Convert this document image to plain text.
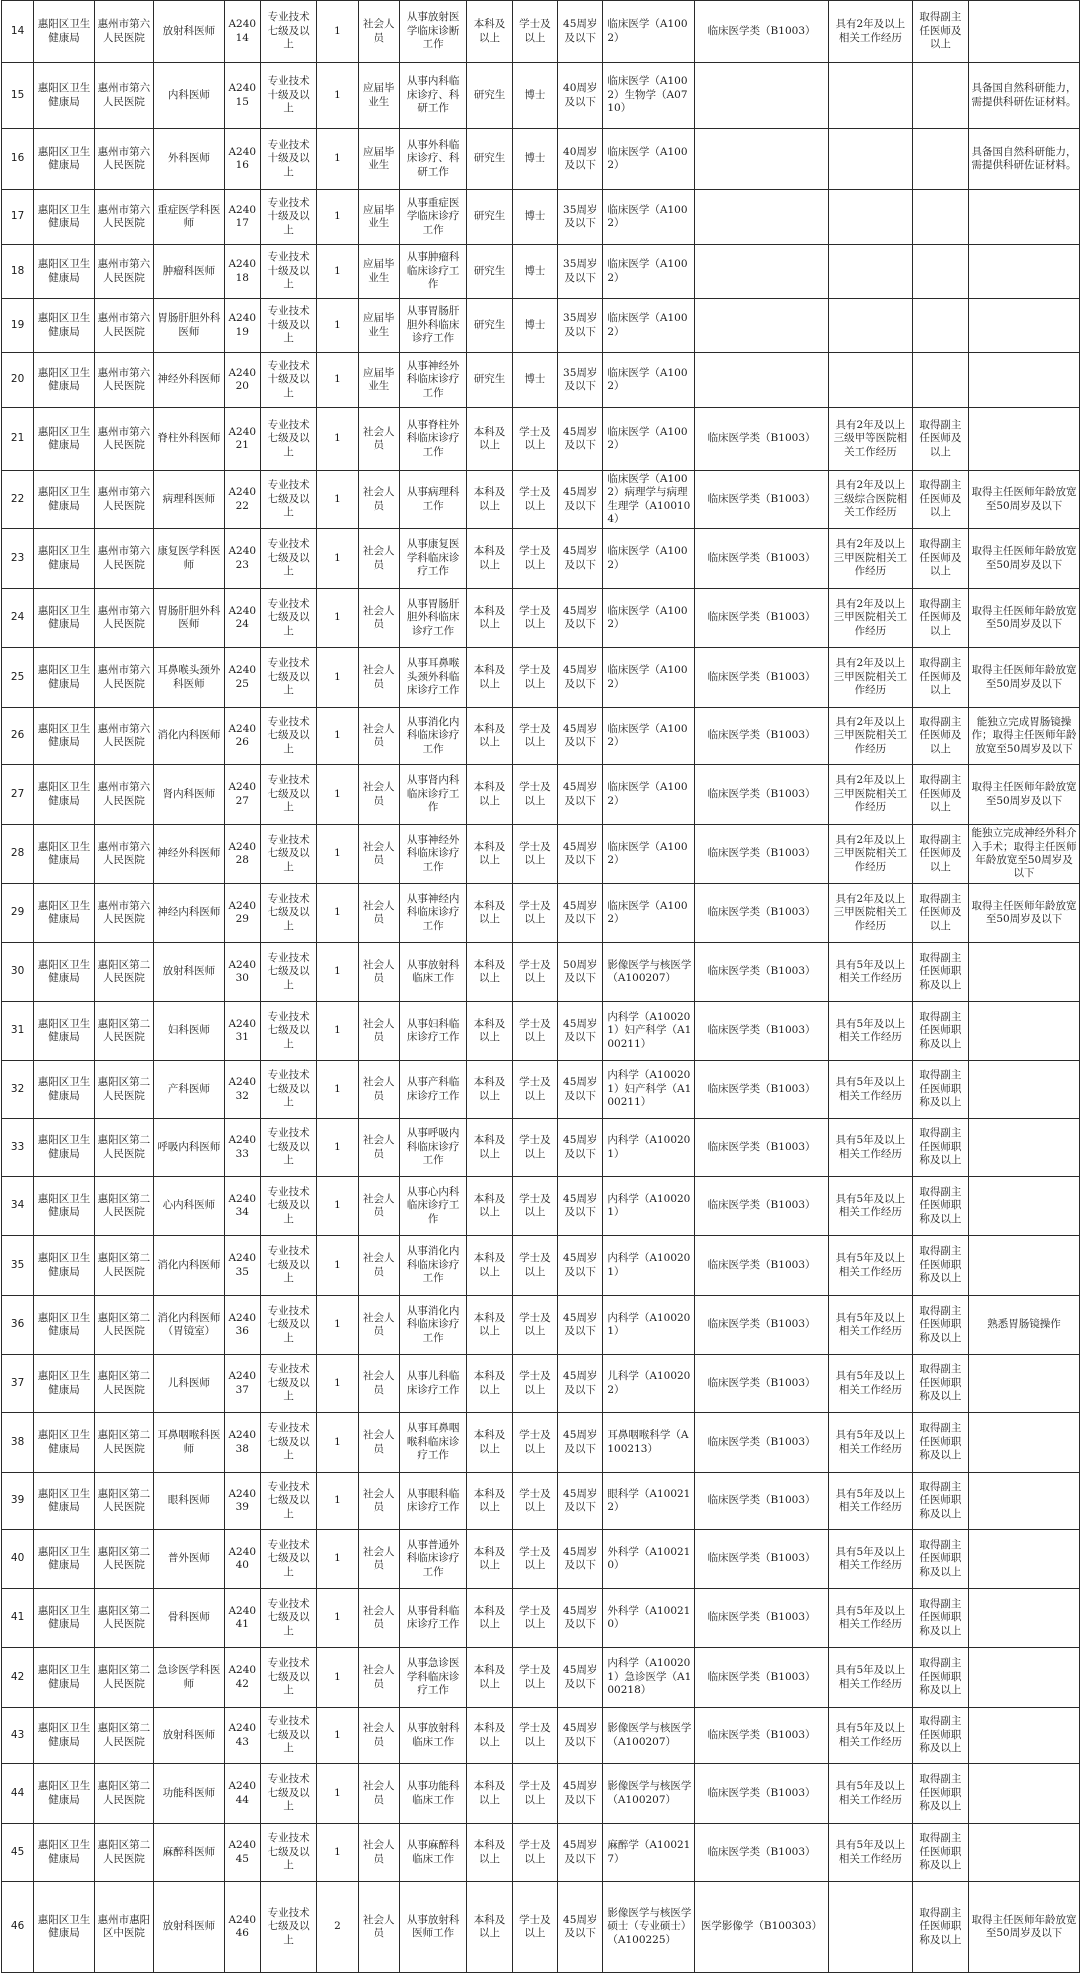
14	惠阳区卫生健康局	惠州市第六人民医院	放射科医师	A24014	专业技术七级及以上	1	社会人员	从事放射医学临床诊断工作	本科及以上	学士及以上	45周岁及以下	临床医学（A1002）	临床医学类（B1003）	具有2年及以上相关工作经历	取得副主任医师及以上	
15	惠阳区卫生健康局	惠州市第六人民医院	内科医师	A24015	专业技术十级及以上	1	应届毕业生	从事内科临床诊疗、科研工作	研究生	博士	40周岁及以下	临床医学（A1002）生物学（A0710）				具备国自然科研能力，需提供科研佐证材料。
16	惠阳区卫生健康局	惠州市第六人民医院	外科医师	A24016	专业技术十级及以上	1	应届毕业生	从事外科临床诊疗、科研工作	研究生	博士	40周岁及以下	临床医学（A1002）				具备国自然科研能力，需提供科研佐证材料。
17	惠阳区卫生健康局	惠州市第六人民医院	重症医学科医师	A24017	专业技术十级及以上	1	应届毕业生	从事重症医学临床诊疗工作	研究生	博士	35周岁及以下	临床医学（A1002）				
18	惠阳区卫生健康局	惠州市第六人民医院	肿瘤科医师	A24018	专业技术十级及以上	1	应届毕业生	从事肿瘤科临床诊疗工作	研究生	博士	35周岁及以下	临床医学（A1002）				
19	惠阳区卫生健康局	惠州市第六人民医院	胃肠肝胆外科医师	A24019	专业技术十级及以上	1	应届毕业生	从事胃肠肝胆外科临床诊疗工作	研究生	博士	35周岁及以下	临床医学（A1002）				
20	惠阳区卫生健康局	惠州市第六人民医院	神经外科医师	A24020	专业技术十级及以上	1	应届毕业生	从事神经外科临床诊疗工作	研究生	博士	35周岁及以下	临床医学（A1002）				
21	惠阳区卫生健康局	惠州市第六人民医院	脊柱外科医师	A24021	专业技术七级及以上	1	社会人员	从事脊柱外科临床诊疗工作	本科及以上	学士及以上	45周岁及以下	临床医学（A1002）	临床医学类（B1003）	具有2年及以上三级甲等医院相关工作经历	取得副主任医师及以上	
22	惠阳区卫生健康局	惠州市第六人民医院	病理科医师	A24022	专业技术七级及以上	1	社会人员	从事病理科工作	本科及以上	学士及以上	45周岁及以下	临床医学（A1002）病理学与病理生理学（A100104）	临床医学类（B1003）	具有2年及以上三级综合医院相关工作经历	取得副主任医师及以上	取得主任医师年龄放宽至50周岁及以下
23	惠阳区卫生健康局	惠州市第六人民医院	康复医学科医师	A24023	专业技术七级及以上	1	社会人员	从事康复医学科临床诊疗工作	本科及以上	学士及以上	45周岁及以下	临床医学（A1002）	临床医学类（B1003）	具有2年及以上三甲医院相关工作经历	取得副主任医师及以上	取得主任医师年龄放宽至50周岁及以下
24	惠阳区卫生健康局	惠州市第六人民医院	胃肠肝胆外科医师	A24024	专业技术七级及以上	1	社会人员	从事胃肠肝胆外科临床诊疗工作	本科及以上	学士及以上	45周岁及以下	临床医学（A1002）	临床医学类（B1003）	具有2年及以上三甲医院相关工作经历	取得副主任医师及以上	取得主任医师年龄放宽至50周岁及以下
25	惠阳区卫生健康局	惠州市第六人民医院	耳鼻喉头颈外科医师	A24025	专业技术七级及以上	1	社会人员	从事耳鼻喉头颈外科临床诊疗工作	本科及以上	学士及以上	45周岁及以下	临床医学（A1002）	临床医学类（B1003）	具有2年及以上三甲医院相关工作经历	取得副主任医师及以上	取得主任医师年龄放宽至50周岁及以下
26	惠阳区卫生健康局	惠州市第六人民医院	消化内科医师	A24026	专业技术七级及以上	1	社会人员	从事消化内科临床诊疗工作	本科及以上	学士及以上	45周岁及以下	临床医学（A1002）	临床医学类（B1003）	具有2年及以上三甲医院相关工作经历	取得副主任医师及以上	能独立完成胃肠镜操作；取得主任医师年龄放宽至50周岁及以下
27	惠阳区卫生健康局	惠州市第六人民医院	肾内科医师	A24027	专业技术七级及以上	1	社会人员	从事肾内科临床诊疗工作	本科及以上	学士及以上	45周岁及以下	临床医学（A1002）	临床医学类（B1003）	具有2年及以上三甲医院相关工作经历	取得副主任医师及以上	取得主任医师年龄放宽至50周岁及以下
28	惠阳区卫生健康局	惠州市第六人民医院	神经外科医师	A24028	专业技术七级及以上	1	社会人员	从事神经外科临床诊疗工作	本科及以上	学士及以上	45周岁及以下	临床医学（A1002）	临床医学类（B1003）	具有2年及以上三甲医院相关工作经历	取得副主任医师及以上	能独立完成神经外科介入手术；取得主任医师年龄放宽至50周岁及以下
29	惠阳区卫生健康局	惠州市第六人民医院	神经内科医师	A24029	专业技术七级及以上	1	社会人员	从事神经内科临床诊疗工作	本科及以上	学士及以上	45周岁及以下	临床医学（A1002）	临床医学类（B1003）	具有2年及以上三甲医院相关工作经历	取得副主任医师及以上	取得主任医师年龄放宽至50周岁及以下
30	惠阳区卫生健康局	惠阳区第二人民医院	放射科医师	A24030	专业技术七级及以上	1	社会人员	从事放射科临床工作	本科及以上	学士及以上	50周岁及以下	影像医学与核医学（A100207）	临床医学类（B1003）	具有5年及以上相关工作经历	取得副主任医师职称及以上	
31	惠阳区卫生健康局	惠阳区第二人民医院	妇科医师	A24031	专业技术七级及以上	1	社会人员	从事妇科临床诊疗工作	本科及以上	学士及以上	45周岁及以下	内科学（A100201）妇产科学（A100211）	临床医学类（B1003）	具有5年及以上相关工作经历	取得副主任医师职称及以上	
32	惠阳区卫生健康局	惠阳区第二人民医院	产科医师	A24032	专业技术七级及以上	1	社会人员	从事产科临床诊疗工作	本科及以上	学士及以上	45周岁及以下	内科学（A100201）妇产科学（A100211）	临床医学类（B1003）	具有5年及以上相关工作经历	取得副主任医师职称及以上	
33	惠阳区卫生健康局	惠阳区第二人民医院	呼吸内科医师	A24033	专业技术七级及以上	1	社会人员	从事呼吸内科临床诊疗工作	本科及以上	学士及以上	45周岁及以下	内科学（A100201）	临床医学类（B1003）	具有5年及以上相关工作经历	取得副主任医师职称及以上	
34	惠阳区卫生健康局	惠阳区第二人民医院	心内科医师	A24034	专业技术七级及以上	1	社会人员	从事心内科临床诊疗工作	本科及以上	学士及以上	45周岁及以下	内科学（A100201）	临床医学类（B1003）	具有5年及以上相关工作经历	取得副主任医师职称及以上	
35	惠阳区卫生健康局	惠阳区第二人民医院	消化内科医师	A24035	专业技术七级及以上	1	社会人员	从事消化内科临床诊疗工作	本科及以上	学士及以上	45周岁及以下	内科学（A100201）	临床医学类（B1003）	具有5年及以上相关工作经历	取得副主任医师职称及以上	
36	惠阳区卫生健康局	惠阳区第二人民医院	消化内科医师（胃镜室）	A24036	专业技术七级及以上	1	社会人员	从事消化内科临床诊疗工作	本科及以上	学士及以上	45周岁及以下	内科学（A100201）	临床医学类（B1003）	具有5年及以上相关工作经历	取得副主任医师职称及以上	熟悉胃肠镜操作
37	惠阳区卫生健康局	惠阳区第二人民医院	儿科医师	A24037	专业技术七级及以上	1	社会人员	从事儿科临床诊疗工作	本科及以上	学士及以上	45周岁及以下	儿科学（A100202）	临床医学类（B1003）	具有5年及以上相关工作经历	取得副主任医师职称及以上	
38	惠阳区卫生健康局	惠阳区第二人民医院	耳鼻咽喉科医师	A24038	专业技术七级及以上	1	社会人员	从事耳鼻咽喉科临床诊疗工作	本科及以上	学士及以上	45周岁及以下	耳鼻咽喉科学（A100213）	临床医学类（B1003）	具有5年及以上相关工作经历	取得副主任医师职称及以上	
39	惠阳区卫生健康局	惠阳区第二人民医院	眼科医师	A24039	专业技术七级及以上	1	社会人员	从事眼科临床诊疗工作	本科及以上	学士及以上	45周岁及以下	眼科学（A100212）	临床医学类（B1003）	具有5年及以上相关工作经历	取得副主任医师职称及以上	
40	惠阳区卫生健康局	惠阳区第二人民医院	普外医师	A24040	专业技术七级及以上	1	社会人员	从事普通外科临床诊疗工作	本科及以上	学士及以上	45周岁及以下	外科学（A100210）	临床医学类（B1003）	具有5年及以上相关工作经历	取得副主任医师职称及以上	
41	惠阳区卫生健康局	惠阳区第二人民医院	骨科医师	A24041	专业技术七级及以上	1	社会人员	从事骨科临床诊疗工作	本科及以上	学士及以上	45周岁及以下	外科学（A100210）	临床医学类（B1003）	具有5年及以上相关工作经历	取得副主任医师职称及以上	
42	惠阳区卫生健康局	惠阳区第二人民医院	急诊医学科医师	A24042	专业技术七级及以上	1	社会人员	从事急诊医学科临床诊疗工作	本科及以上	学士及以上	45周岁及以下	内科学（A100201）急诊医学（A100218）	临床医学类（B1003）	具有5年及以上相关工作经历	取得副主任医师职称及以上	
43	惠阳区卫生健康局	惠阳区第二人民医院	放射科医师	A24043	专业技术七级及以上	1	社会人员	从事放射科临床工作	本科及以上	学士及以上	45周岁及以下	影像医学与核医学（A100207）	临床医学类（B1003）	具有5年及以上相关工作经历	取得副主任医师职称及以上	
44	惠阳区卫生健康局	惠阳区第二人民医院	功能科医师	A24044	专业技术七级及以上	1	社会人员	从事功能科临床工作	本科及以上	学士及以上	45周岁及以下	影像医学与核医学（A100207）	临床医学类（B1003）	具有5年及以上相关工作经历	取得副主任医师职称及以上	
45	惠阳区卫生健康局	惠阳区第二人民医院	麻醉科医师	A24045	专业技术七级及以上	1	社会人员	从事麻醉科临床工作	本科及以上	学士及以上	45周岁及以下	麻醉学（A100217）	临床医学类（B1003）	具有5年及以上相关工作经历	取得副主任医师职称及以上	
46	惠阳区卫生健康局	惠州市惠阳区中医院	放射科医师	A24046	专业技术七级及以上	2	社会人员	从事放射科医师工作	本科及以上	学士及以上	45周岁及以下	影像医学与核医学硕士（专业硕士）（A100225）	医学影像学（B100303）		取得副主任医师职称及以上	取得主任医师年龄放宽至50周岁及以下
